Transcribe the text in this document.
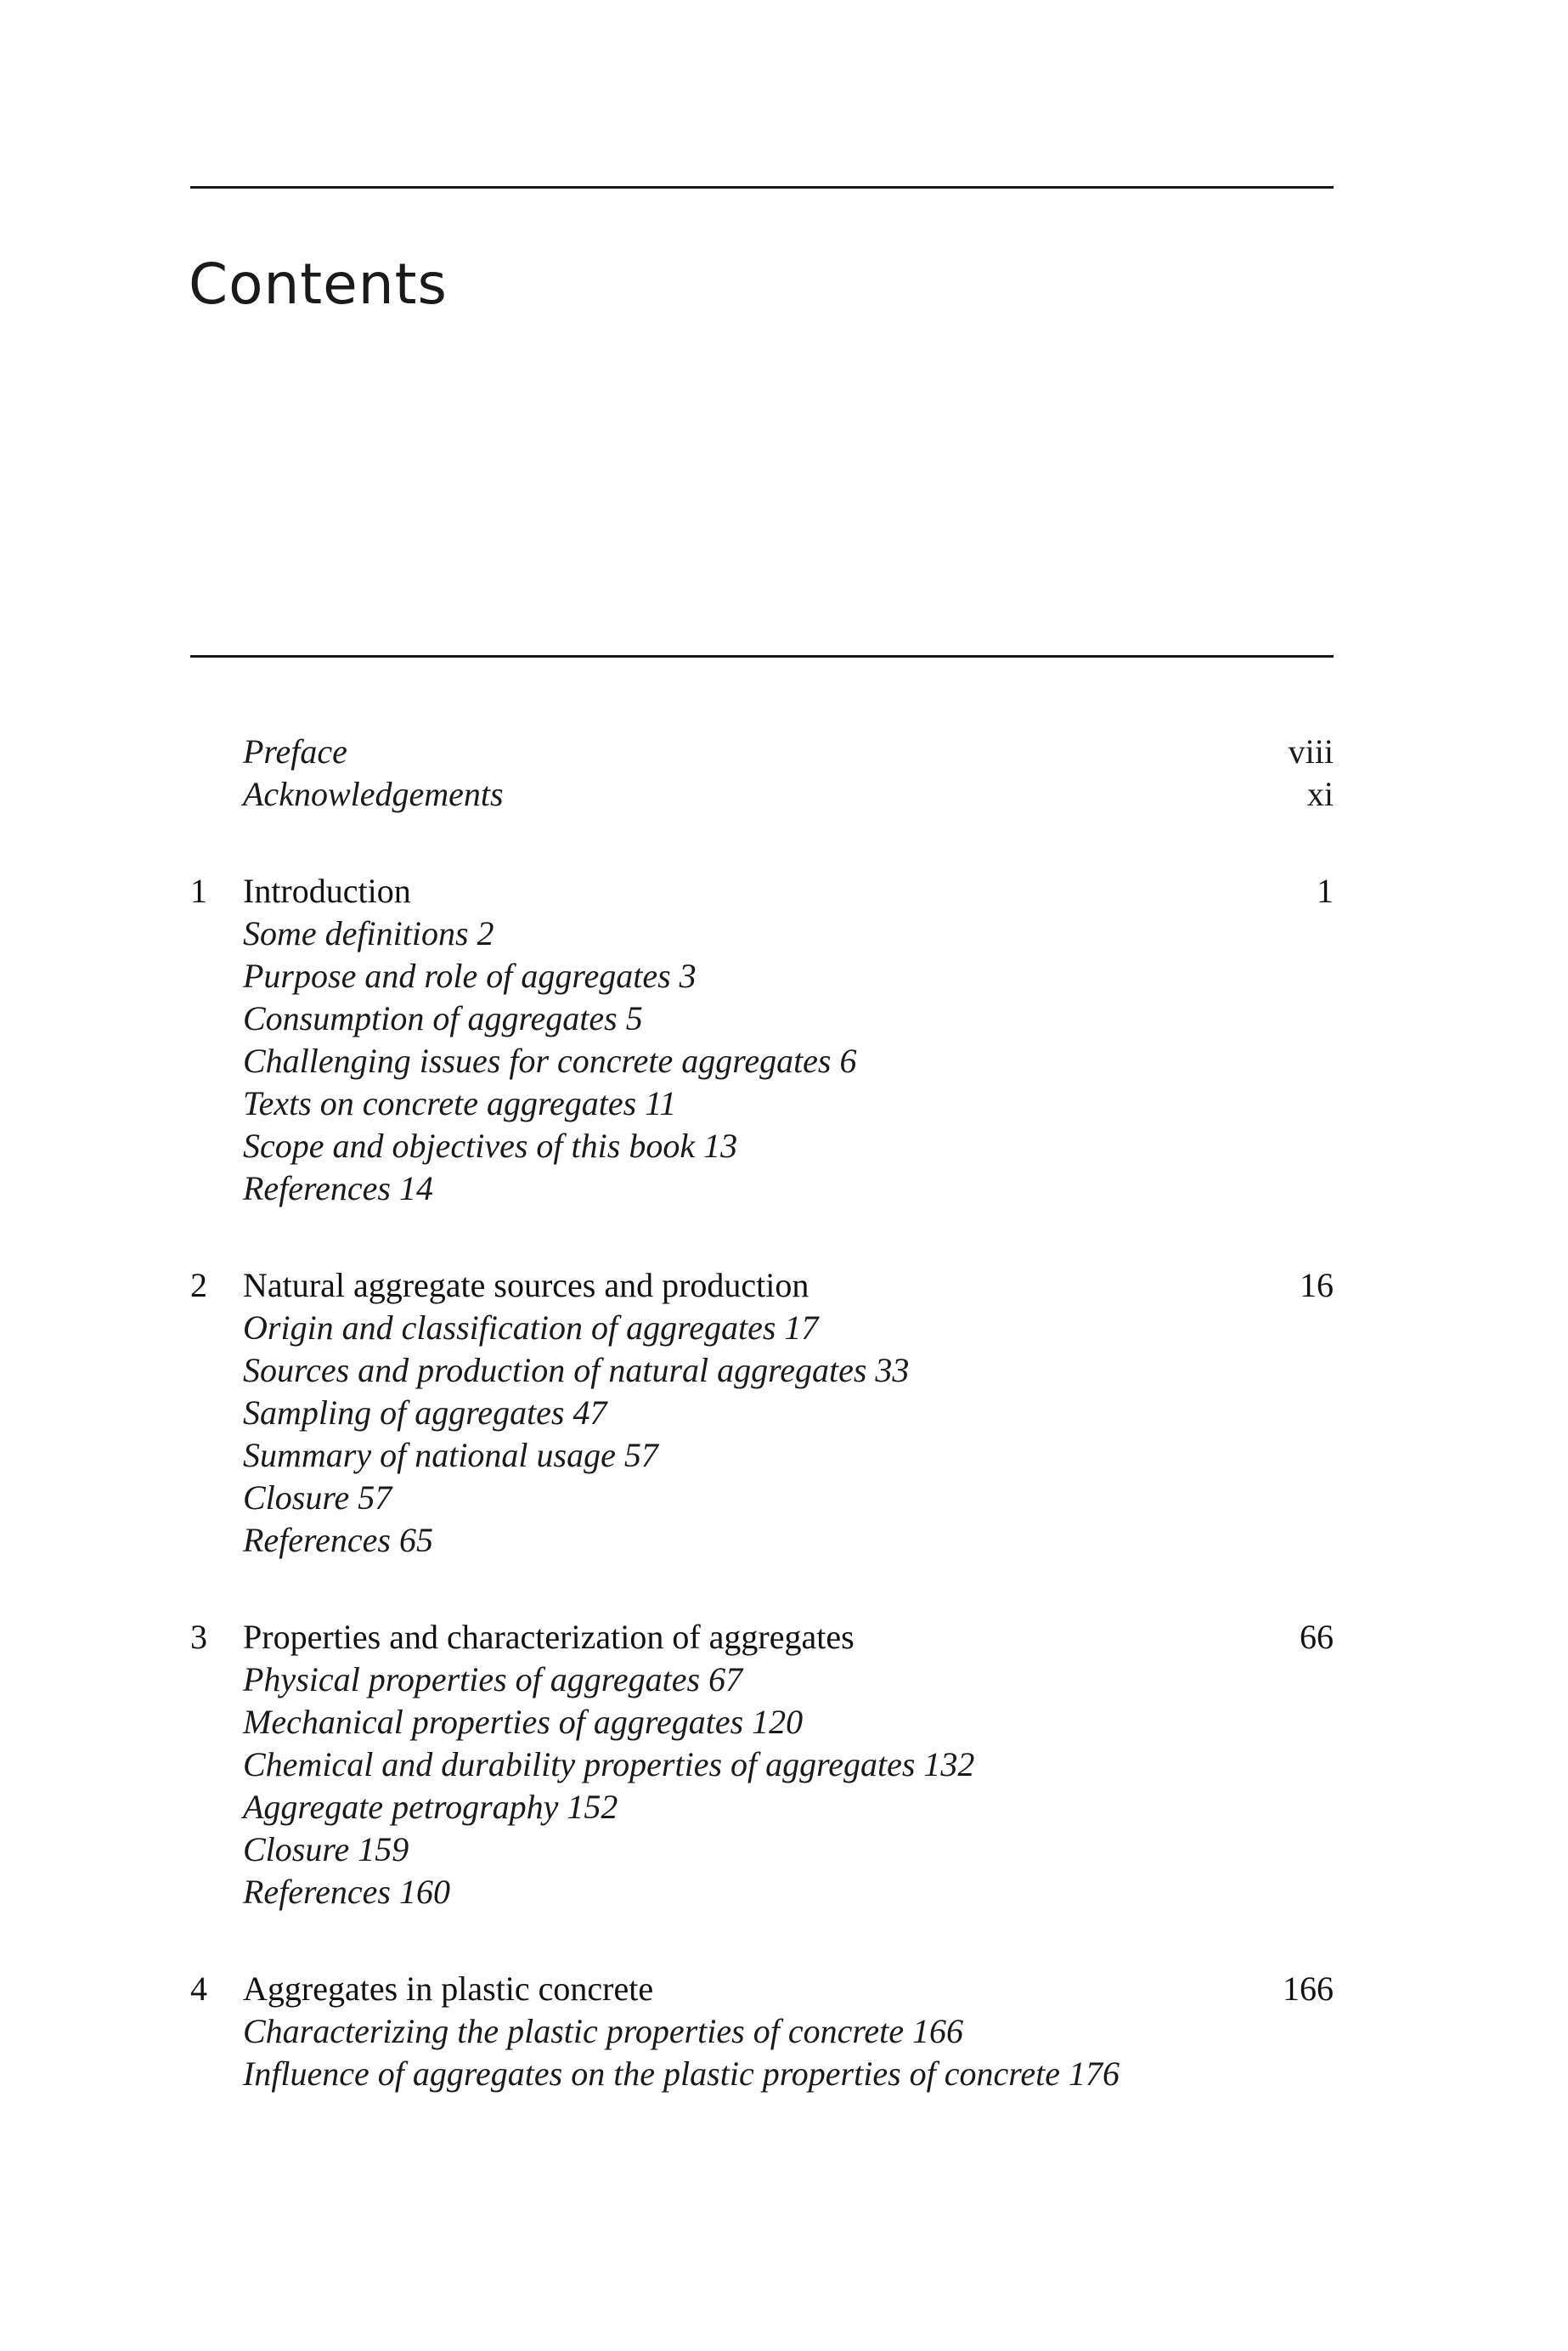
Contents
Preface	viii
Acknowledgements	xi
1	Introduction	1
Some definitions 2
Purpose and role of aggregates 3
Consumption of aggregates 5
Challenging issues for concrete aggregates 6
Texts on concrete aggregates 11
Scope and objectives of this book 13
References 14
2	Natural aggregate sources and production	16
Origin and classification of aggregates 17
Sources and production of natural aggregates 33
Sampling of aggregates 47
Summary of national usage 57
Closure 57
References 65
3	Properties and characterization of aggregates	66
Physical properties of aggregates 67
Mechanical properties of aggregates 120
Chemical and durability properties of aggregates 132
Aggregate petrography 152
Closure 159
References 160
4	Aggregates in plastic concrete	166
Characterizing the plastic properties of concrete 166
Influence of aggregates on the plastic properties of concrete 176
